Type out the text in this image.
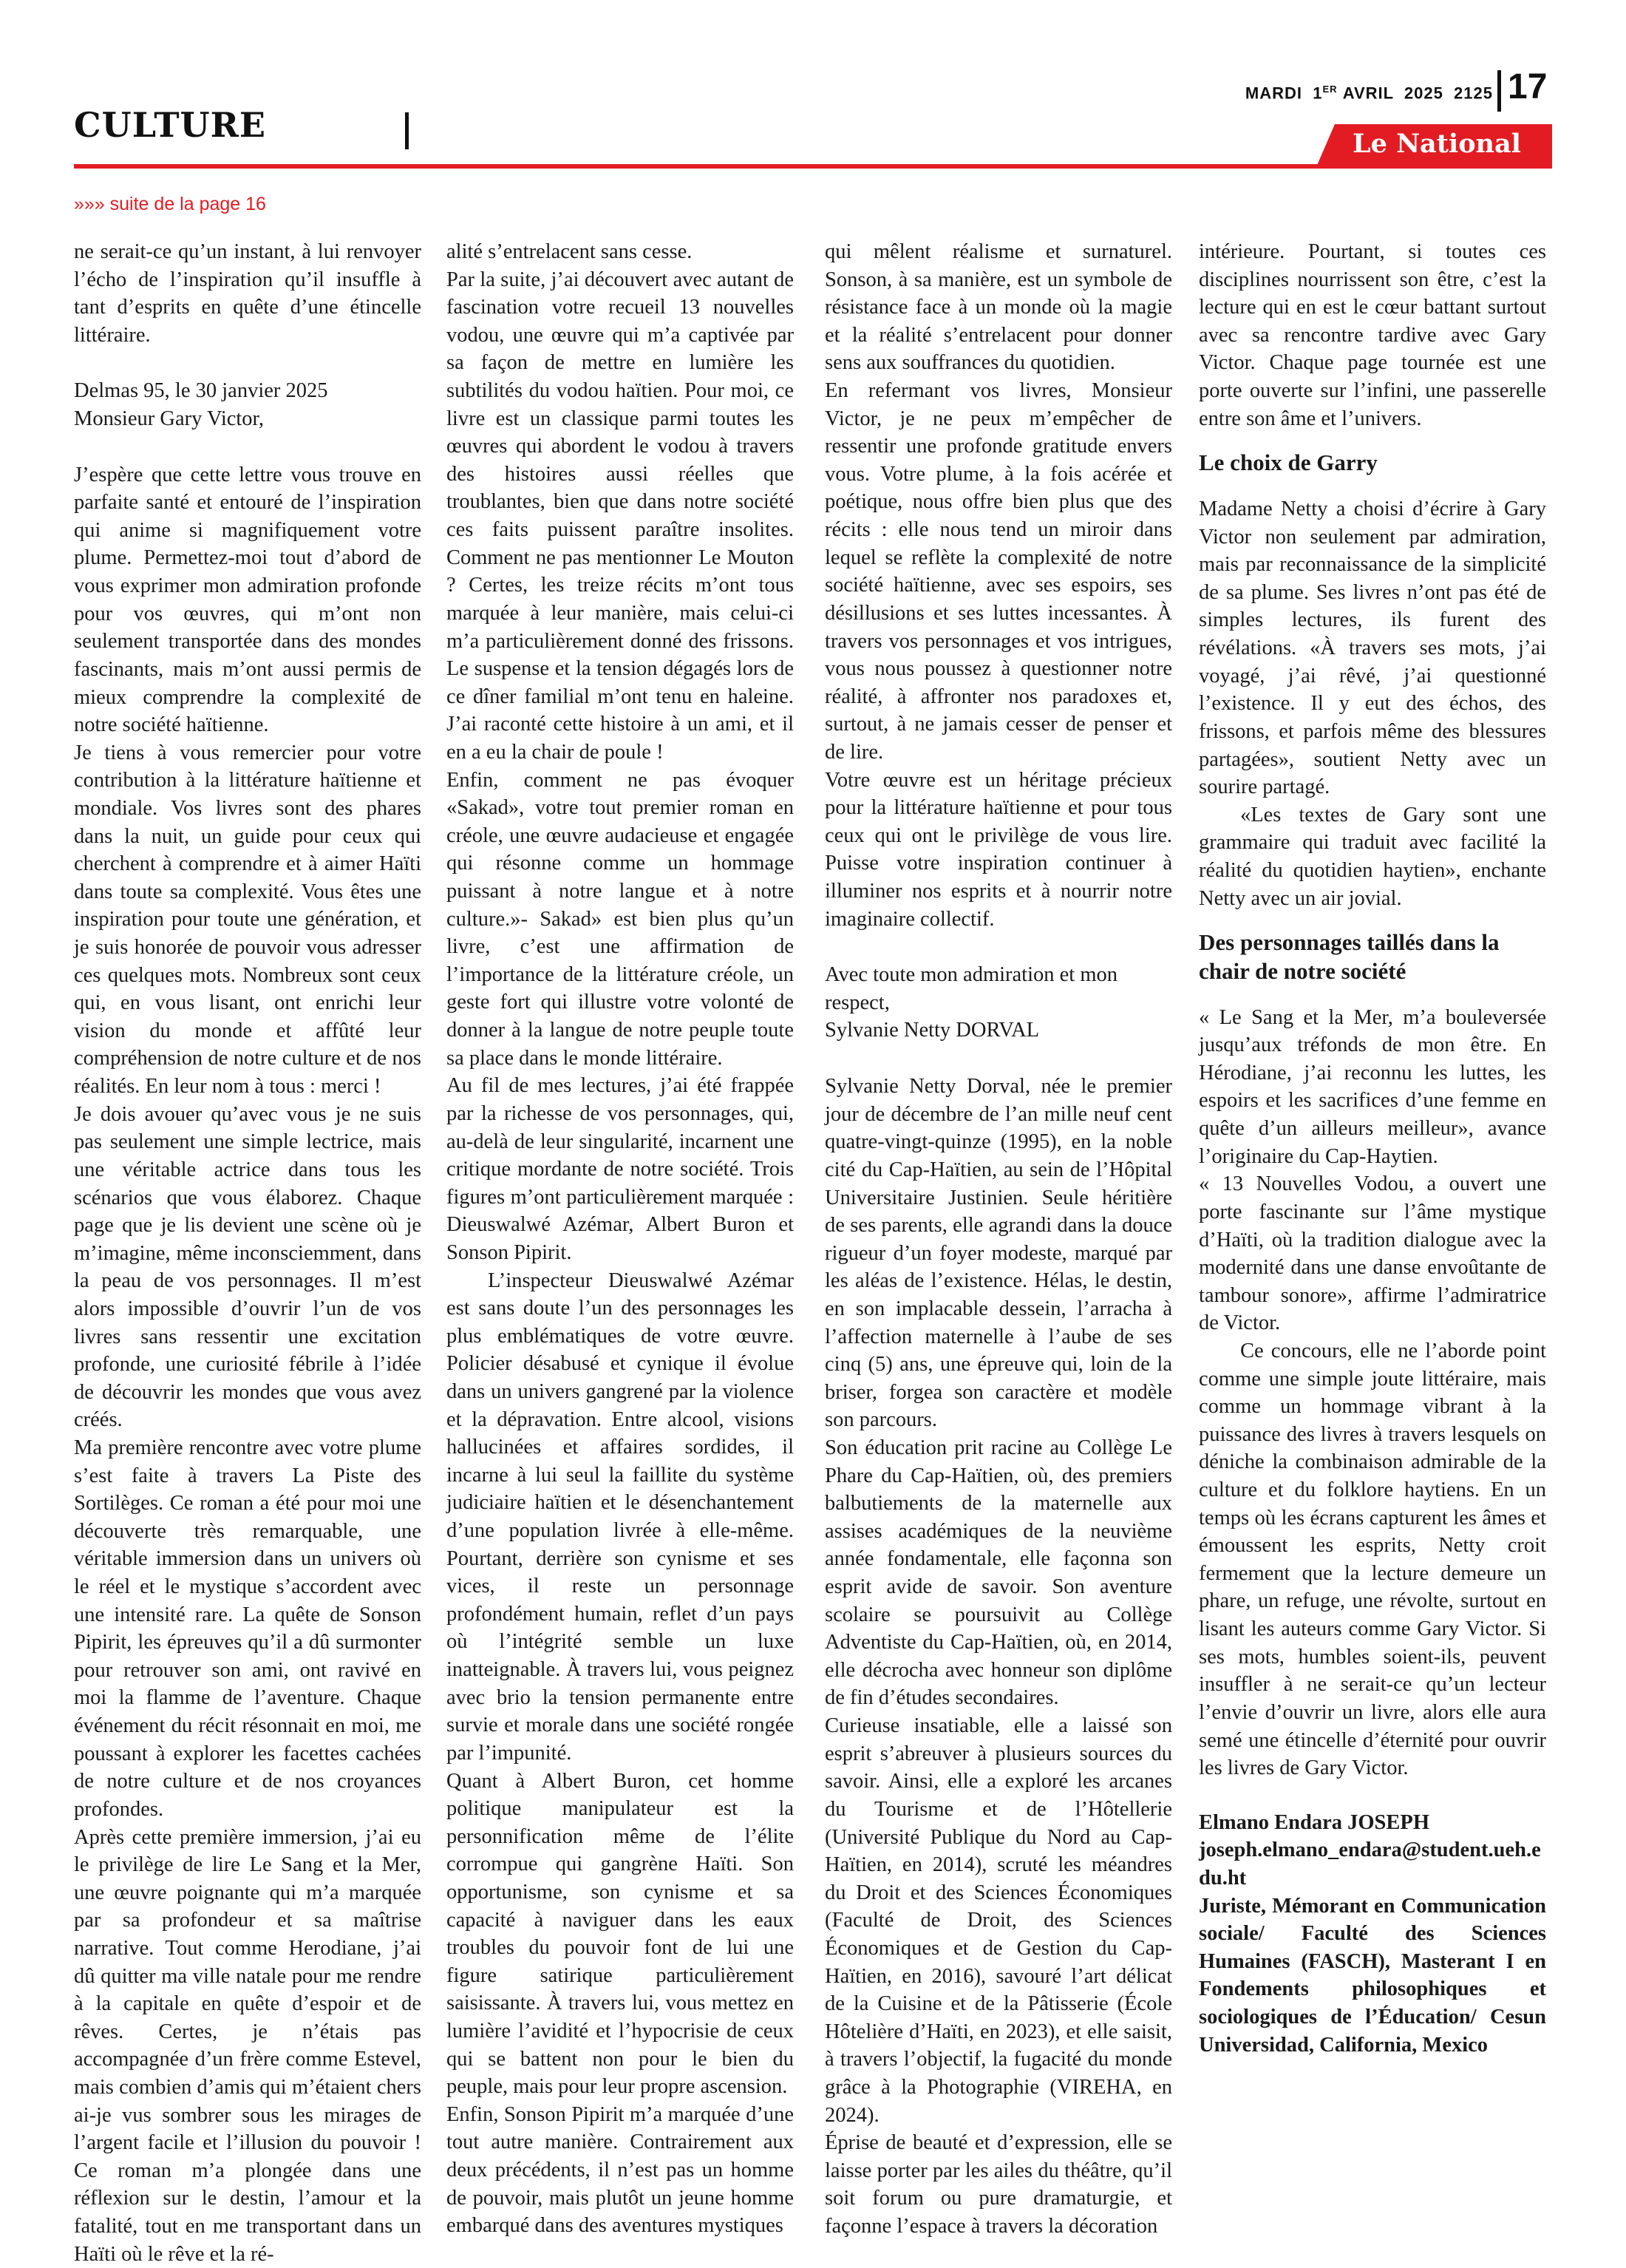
CULTURE
MARDI 1ER AVRIL  2025  2125 17
Le National
»»» suite de la page 16

ne serait-ce qu’un instant, à lui renvoyer l’écho de l’inspiration qu’il insuffle à tant d’esprits en quête d’une étincelle littéraire.

Delmas 95, le 30 janvier 2025

Monsieur Gary Victor,

J’espère que cette lettre vous trouve en parfaite santé et entouré de l’inspiration qui anime si magnifiquement votre plume. Permettez-moi tout d’abord de vous exprimer mon admiration profonde pour vos œuvres, qui m’ont non seulement transportée dans des mondes fascinants, mais m’ont aussi permis de mieux comprendre la complexité de notre société haïtienne.

Je tiens à vous remercier pour votre contribution à la littérature haïtienne et mondiale. Vos livres sont des phares dans la nuit, un guide pour ceux qui cherchent à comprendre et à aimer Haïti dans toute sa complexité. Vous êtes une inspiration pour toute une génération, et je suis honorée de pouvoir vous adresser ces quelques mots. Nombreux sont ceux qui, en vous lisant, ont enrichi leur vision du monde et affûté leur compréhension de notre culture et de nos réalités. En leur nom à tous : merci !

Je dois avouer qu’avec vous je ne suis pas seulement une simple lectrice, mais une véritable actrice dans tous les scénarios que vous élaborez. Chaque page que je lis devient une scène où je m’imagine, même inconsciemment, dans la peau de vos personnages. Il m’est alors impossible d’ouvrir l’un de vos livres sans ressentir une excitation profonde, une curiosité fébrile à l’idée de découvrir les mondes que vous avez créés.

Ma première rencontre avec votre plume s’est faite à travers La Piste des Sortilèges. Ce roman a été pour moi une découverte très remarquable, une véritable immersion dans un univers où le réel et le mystique s’accordent avec une intensité rare. La quête de Sonson Pipirit, les épreuves qu’il a dû surmonter pour retrouver son ami, ont ravivé en moi la flamme de l’aventure. Chaque événement du récit résonnait en moi, me poussant à explorer les facettes cachées de notre culture et de nos croyances profondes.

Après cette première immersion, j’ai eu le privilège de lire Le Sang et la Mer, une œuvre poignante qui m’a marquée par sa profondeur et sa maîtrise narrative. Tout comme Herodiane, j’ai dû quitter ma ville natale pour me rendre à la capitale en quête d’espoir et de rêves. Certes, je n’étais pas accompagnée d’un frère comme Estevel, mais combien d’amis qui m’étaient chers ai-je vus sombrer sous les mirages de l’argent facile et l’illusion du pouvoir ! Ce roman m’a plongée dans une réflexion sur le destin, l’amour et la fatalité, tout en me transportant dans un Haïti où le rêve et la ré-

alité s’entrelacent sans cesse.

Par la suite, j’ai découvert avec autant de fascination votre recueil 13 nouvelles vodou, une œuvre qui m’a captivée par sa façon de mettre en lumière les subtilités du vodou haïtien. Pour moi, ce livre est un classique parmi toutes les œuvres qui abordent le vodou à travers des histoires aussi réelles que troublantes, bien que dans notre société ces faits puissent paraître insolites. Comment ne pas mentionner Le Mouton ? Certes, les treize récits m’ont tous marquée à leur manière, mais celui-ci m’a particulièrement donné des frissons. Le suspense et la tension dégagés lors de ce dîner familial m’ont tenu en haleine. J’ai raconté cette histoire à un ami, et il en a eu la chair de poule !

Enfin, comment ne pas évoquer «Sakad», votre tout premier roman en créole, une œuvre audacieuse et engagée qui résonne comme un hommage puissant à notre langue et à notre culture.»- Sakad» est bien plus qu’un livre, c’est une affirmation de l’importance de la littérature créole, un geste fort qui illustre votre volonté de donner à la langue de notre peuple toute sa place dans le monde littéraire.

Au fil de mes lectures, j’ai été frappée par la richesse de vos personnages, qui, au-delà de leur singularité, incarnent une critique mordante de notre société. Trois figures m’ont particulièrement marquée : Dieuswalwé Azémar, Albert Buron et Sonson Pipirit.

L’inspecteur Dieuswalwé Azémar est sans doute l’un des personnages les plus emblématiques de votre œuvre. Policier désabusé et cynique il évolue dans un univers gangrené par la violence et la dépravation. Entre alcool, visions hallucinées et affaires sordides, il incarne à lui seul la faillite du système judiciaire haïtien et le désenchantement d’une population livrée à elle-même. Pourtant, derrière son cynisme et ses vices, il reste un personnage profondément humain, reflet d’un pays où l’intégrité semble un luxe inatteignable. À travers lui, vous peignez avec brio la tension permanente entre survie et morale dans une société rongée par l’impunité.

Quant à Albert Buron, cet homme politique manipulateur est la personnification même de l’élite corrompue qui gangrène Haïti. Son opportunisme, son cynisme et sa capacité à naviguer dans les eaux troubles du pouvoir font de lui une figure satirique particulièrement saisissante. À travers lui, vous mettez en lumière l’avidité et l’hypocrisie de ceux qui se battent non pour le bien du peuple, mais pour leur propre ascension.

Enfin, Sonson Pipirit m’a marquée d’une tout autre manière. Contrairement aux deux précédents, il n’est pas un homme de pouvoir, mais plutôt un jeune homme embarqué dans des aventures mystiques

qui mêlent réalisme et surnaturel. Sonson, à sa manière, est un symbole de résistance face à un monde où la magie et la réalité s’entrelacent pour donner sens aux souffrances du quotidien.

En refermant vos livres, Monsieur Victor, je ne peux m’empêcher de ressentir une profonde gratitude envers vous. Votre plume, à la fois acérée et poétique, nous offre bien plus que des récits : elle nous tend un miroir dans lequel se reflète la complexité de notre société haïtienne, avec ses espoirs, ses désillusions et ses luttes incessantes. À travers vos personnages et vos intrigues, vous nous poussez à questionner notre réalité, à affronter nos paradoxes et, surtout, à ne jamais cesser de penser et de lire.

Votre œuvre est un héritage précieux pour la littérature haïtienne et pour tous ceux qui ont le privilège de vous lire. Puisse votre inspiration continuer à illuminer nos esprits et à nourrir notre imaginaire collectif.

Avec toute mon admiration et mon respect,

Sylvanie Netty DORVAL

Sylvanie Netty Dorval, née le premier jour de décembre de l’an mille neuf cent quatre-vingt-quinze (1995), en la noble cité du Cap-Haïtien, au sein de l’Hôpital Universitaire Justinien. Seule héritière de ses parents, elle agrandi dans la douce rigueur d’un foyer modeste, marqué par les aléas de l’existence. Hélas, le destin, en son implacable dessein, l’arracha à l’affection maternelle à l’aube de ses cinq (5) ans, une épreuve qui, loin de la briser, forgea son caractère et modèle son parcours.

Son éducation prit racine au Collège Le Phare du Cap-Haïtien, où, des premiers balbutiements de la maternelle aux assises académiques de la neuvième année fondamentale, elle façonna son esprit avide de savoir. Son aventure scolaire se poursuivit au Collège Adventiste du Cap-Haïtien, où, en 2014, elle décrocha avec honneur son diplôme de fin d’études secondaires.

Curieuse insatiable, elle a laissé son esprit s’abreuver à plusieurs sources du savoir. Ainsi, elle a exploré les arcanes du Tourisme et de l’Hôtellerie (Université Publique du Nord au Cap-Haïtien, en 2014), scruté les méandres du Droit et des Sciences Économiques (Faculté de Droit, des Sciences Économiques et de Gestion du Cap-Haïtien, en 2016), savouré l’art délicat de la Cuisine et de la Pâtisserie (École Hôtelière d’Haïti, en 2023), et elle saisit, à travers l’objectif, la fugacité du monde grâce à la Photographie (VIREHA, en 2024).

Éprise de beauté et d’expression, elle se laisse porter par les ailes du théâtre, qu’il soit forum ou pure dramaturgie, et façonne l’espace à travers la décoration

intérieure. Pourtant, si toutes ces disciplines nourrissent son être, c’est la lecture qui en est le cœur battant surtout avec sa rencontre tardive avec Gary Victor. Chaque page tournée est une porte ouverte sur l’infini, une passerelle entre son âme et l’univers.

Le choix de Garry

Madame Netty a choisi d’écrire à Gary Victor non seulement par admiration, mais par reconnaissance de la simplicité de sa plume. Ses livres n’ont pas été de simples lectures, ils furent des révélations. «À travers ses mots, j’ai voyagé, j’ai rêvé, j’ai questionné l’existence. Il y eut des échos, des frissons, et parfois même des blessures partagées», soutient Netty avec un sourire partagé.

«Les textes de Gary sont une grammaire qui traduit avec facilité la réalité du quotidien haytien», enchante Netty avec un air jovial.

Des personnages taillés dans la chair de notre société

« Le Sang et la Mer, m’a bouleversée jusqu’aux tréfonds de mon être. En Hérodiane, j’ai reconnu les luttes, les espoirs et les sacrifices d’une femme en quête d’un ailleurs meilleur», avance l’originaire du Cap-Haytien.

« 13 Nouvelles Vodou, a ouvert une porte fascinante sur l’âme mystique d’Haïti, où la tradition dialogue avec la modernité dans une danse envoûtante de tambour sonore», affirme l’admiratrice de Victor.

Ce concours, elle ne l’aborde point comme une simple joute littéraire, mais comme un hommage vibrant à la puissance des livres à travers lesquels on déniche la combinaison admirable de la culture et du folklore haytiens. En un temps où les écrans capturent les âmes et émoussent les esprits, Netty croit fermement que la lecture demeure un phare, un refuge, une révolte, surtout en lisant les auteurs comme Gary Victor. Si ses mots, humbles soient-ils, peuvent insuffler à ne serait-ce qu’un lecteur l’envie d’ouvrir un livre, alors elle aura semé une étincelle d’éternité pour ouvrir les livres de Gary Victor.

Elmano Endara JOSEPH

joseph.elmano_endara@student.ueh.edu.ht

Juriste, Mémorant en Communication sociale/ Faculté des Sciences Humaines (FASCH), Masterant I en Fondements philosophiques et sociologiques de l’Éducation/ Cesun Universidad, California, Mexico
